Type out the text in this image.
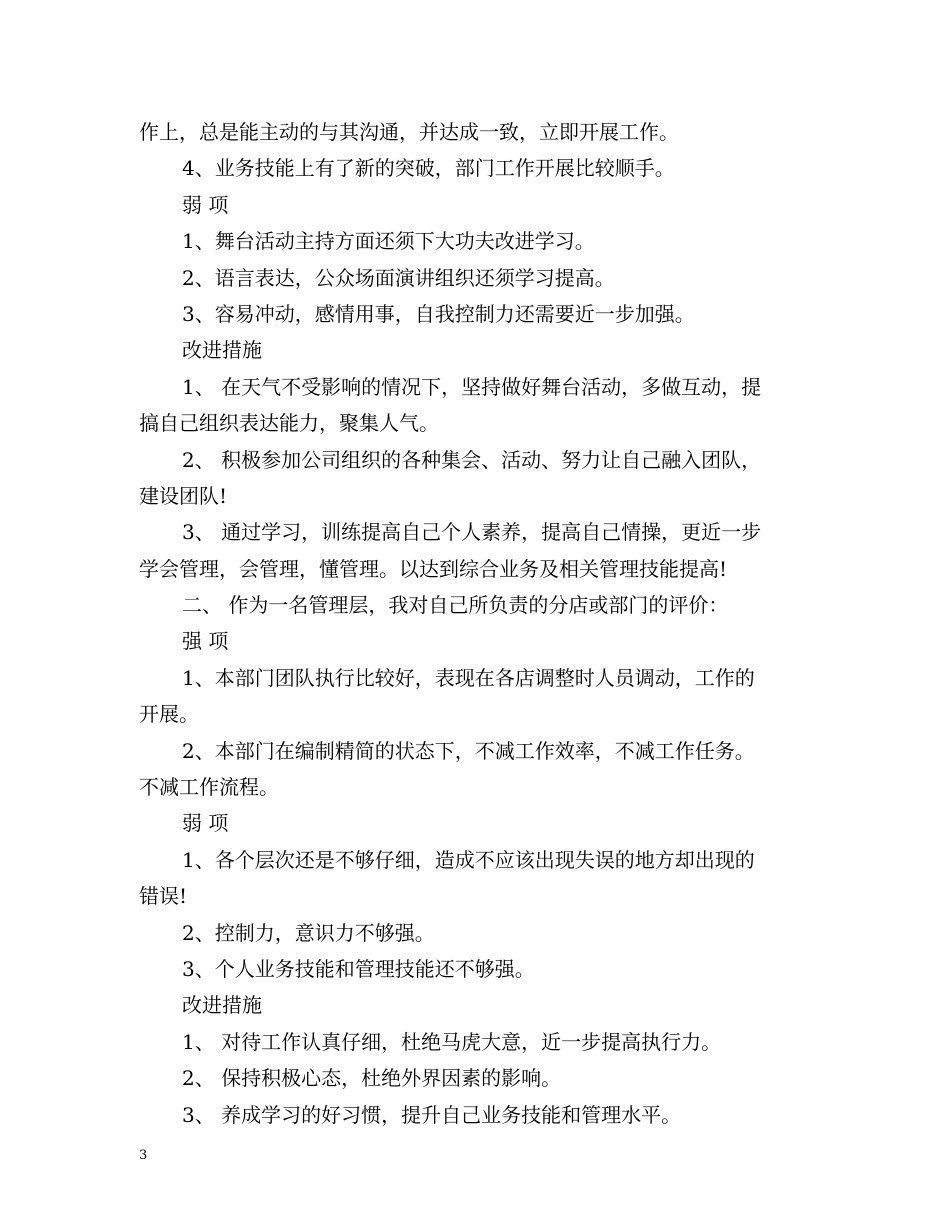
作上，总是能主动的与其沟通，并达成一致，立即开展工作。
4、业务技能上有了新的突破，部门工作开展比较顺手。
弱 项
1、舞台活动主持方面还须下大功夫改进学习。
2、语言表达，公众场面演讲组织还须学习提高。
3、容易冲动，感情用事，自我控制力还需要近一步加强。
改进措施
1、 在天气不受影响的情况下，坚持做好舞台活动，多做互动，提
搞自己组织表达能力，聚集人气。
2、 积极参加公司组织的各种集会、活动、努力让自己融入团队，
建设团队!
3、 通过学习，训练提高自己个人素养，提高自己情操，更近一步
学会管理，会管理，懂管理。以达到综合业务及相关管理技能提高!
二、 作为一名管理层，我对自己所负责的分店或部门的评价：
强 项
1、本部门团队执行比较好，表现在各店调整时人员调动，工作的
开展。
2、本部门在编制精简的状态下，不减工作效率，不减工作任务。
不减工作流程。
弱 项
1、各个层次还是不够仔细，造成不应该出现失误的地方却出现的
错误!
2、控制力，意识力不够强。
3、个人业务技能和管理技能还不够强。
改进措施
1、 对待工作认真仔细，杜绝马虎大意，近一步提高执行力。
2、 保持积极心态，杜绝外界因素的影响。
3、 养成学习的好习惯，提升自己业务技能和管理水平。
3
